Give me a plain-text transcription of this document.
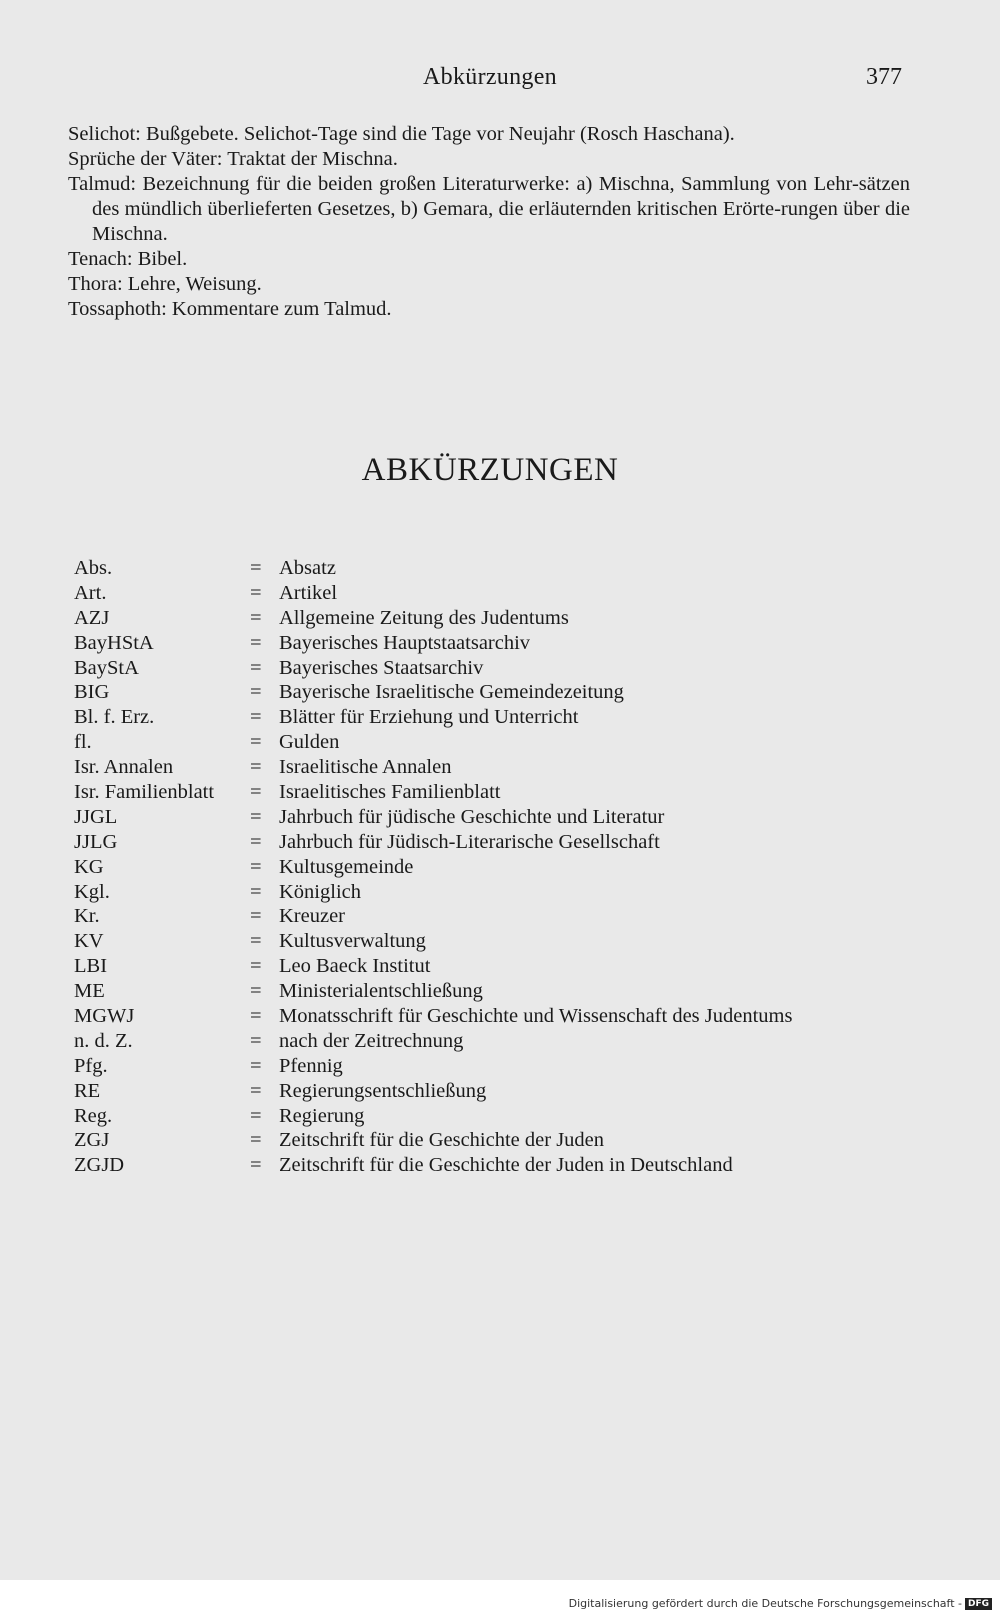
Abkürzungen	377
Selichot: Bußgebete. Selichot-Tage sind die Tage vor Neujahr (Rosch Haschana).
Sprüche der Väter: Traktat der Mischna.
Talmud: Bezeichnung für die beiden großen Literaturwerke: a) Mischna, Sammlung von Lehr-sätzen des mündlich überlieferten Gesetzes, b) Gemara, die erläuternden kritischen Erörte-rungen über die Mischna.
Tenach: Bibel.
Thora: Lehre, Weisung.
Tossaphoth: Kommentare zum Talmud.
ABKÜRZUNGEN
Abs.	= Absatz
Art.	= Artikel
AZJ	= Allgemeine Zeitung des Judentums
BayHStA	= Bayerisches Hauptstaatsarchiv
BayStA	= Bayerisches Staatsarchiv
BIG	= Bayerische Israelitische Gemeindezeitung
Bl. f. Erz.	= Blätter für Erziehung und Unterricht
fl.	= Gulden
Isr. Annalen	= Israelitische Annalen
Isr. Familienblatt = Israelitisches Familienblatt
JJGL	= Jahrbuch für jüdische Geschichte und Literatur
JJLG	= Jahrbuch für Jüdisch-Literarische Gesellschaft
KG	= Kultusgemeinde
Kgl.	= Königlich
Kr.	= Kreuzer
KV	= Kultusverwaltung
LBI	= Leo Baeck Institut
ME	= Ministerialentschließung
MGWJ	= Monatsschrift für Geschichte und Wissenschaft des Judentums
n. d. Z.	= nach der Zeitrechnung
Pfg.	= Pfennig
RE	= Regierungsentschließung
Reg.	= Regierung
ZGJ	= Zeitschrift für die Geschichte der Juden
ZGJD	= Zeitschrift für die Geschichte der Juden in Deutschland
Digitalisierung gefördert durch die Deutsche Forschungsgemeinschaft - DFG
